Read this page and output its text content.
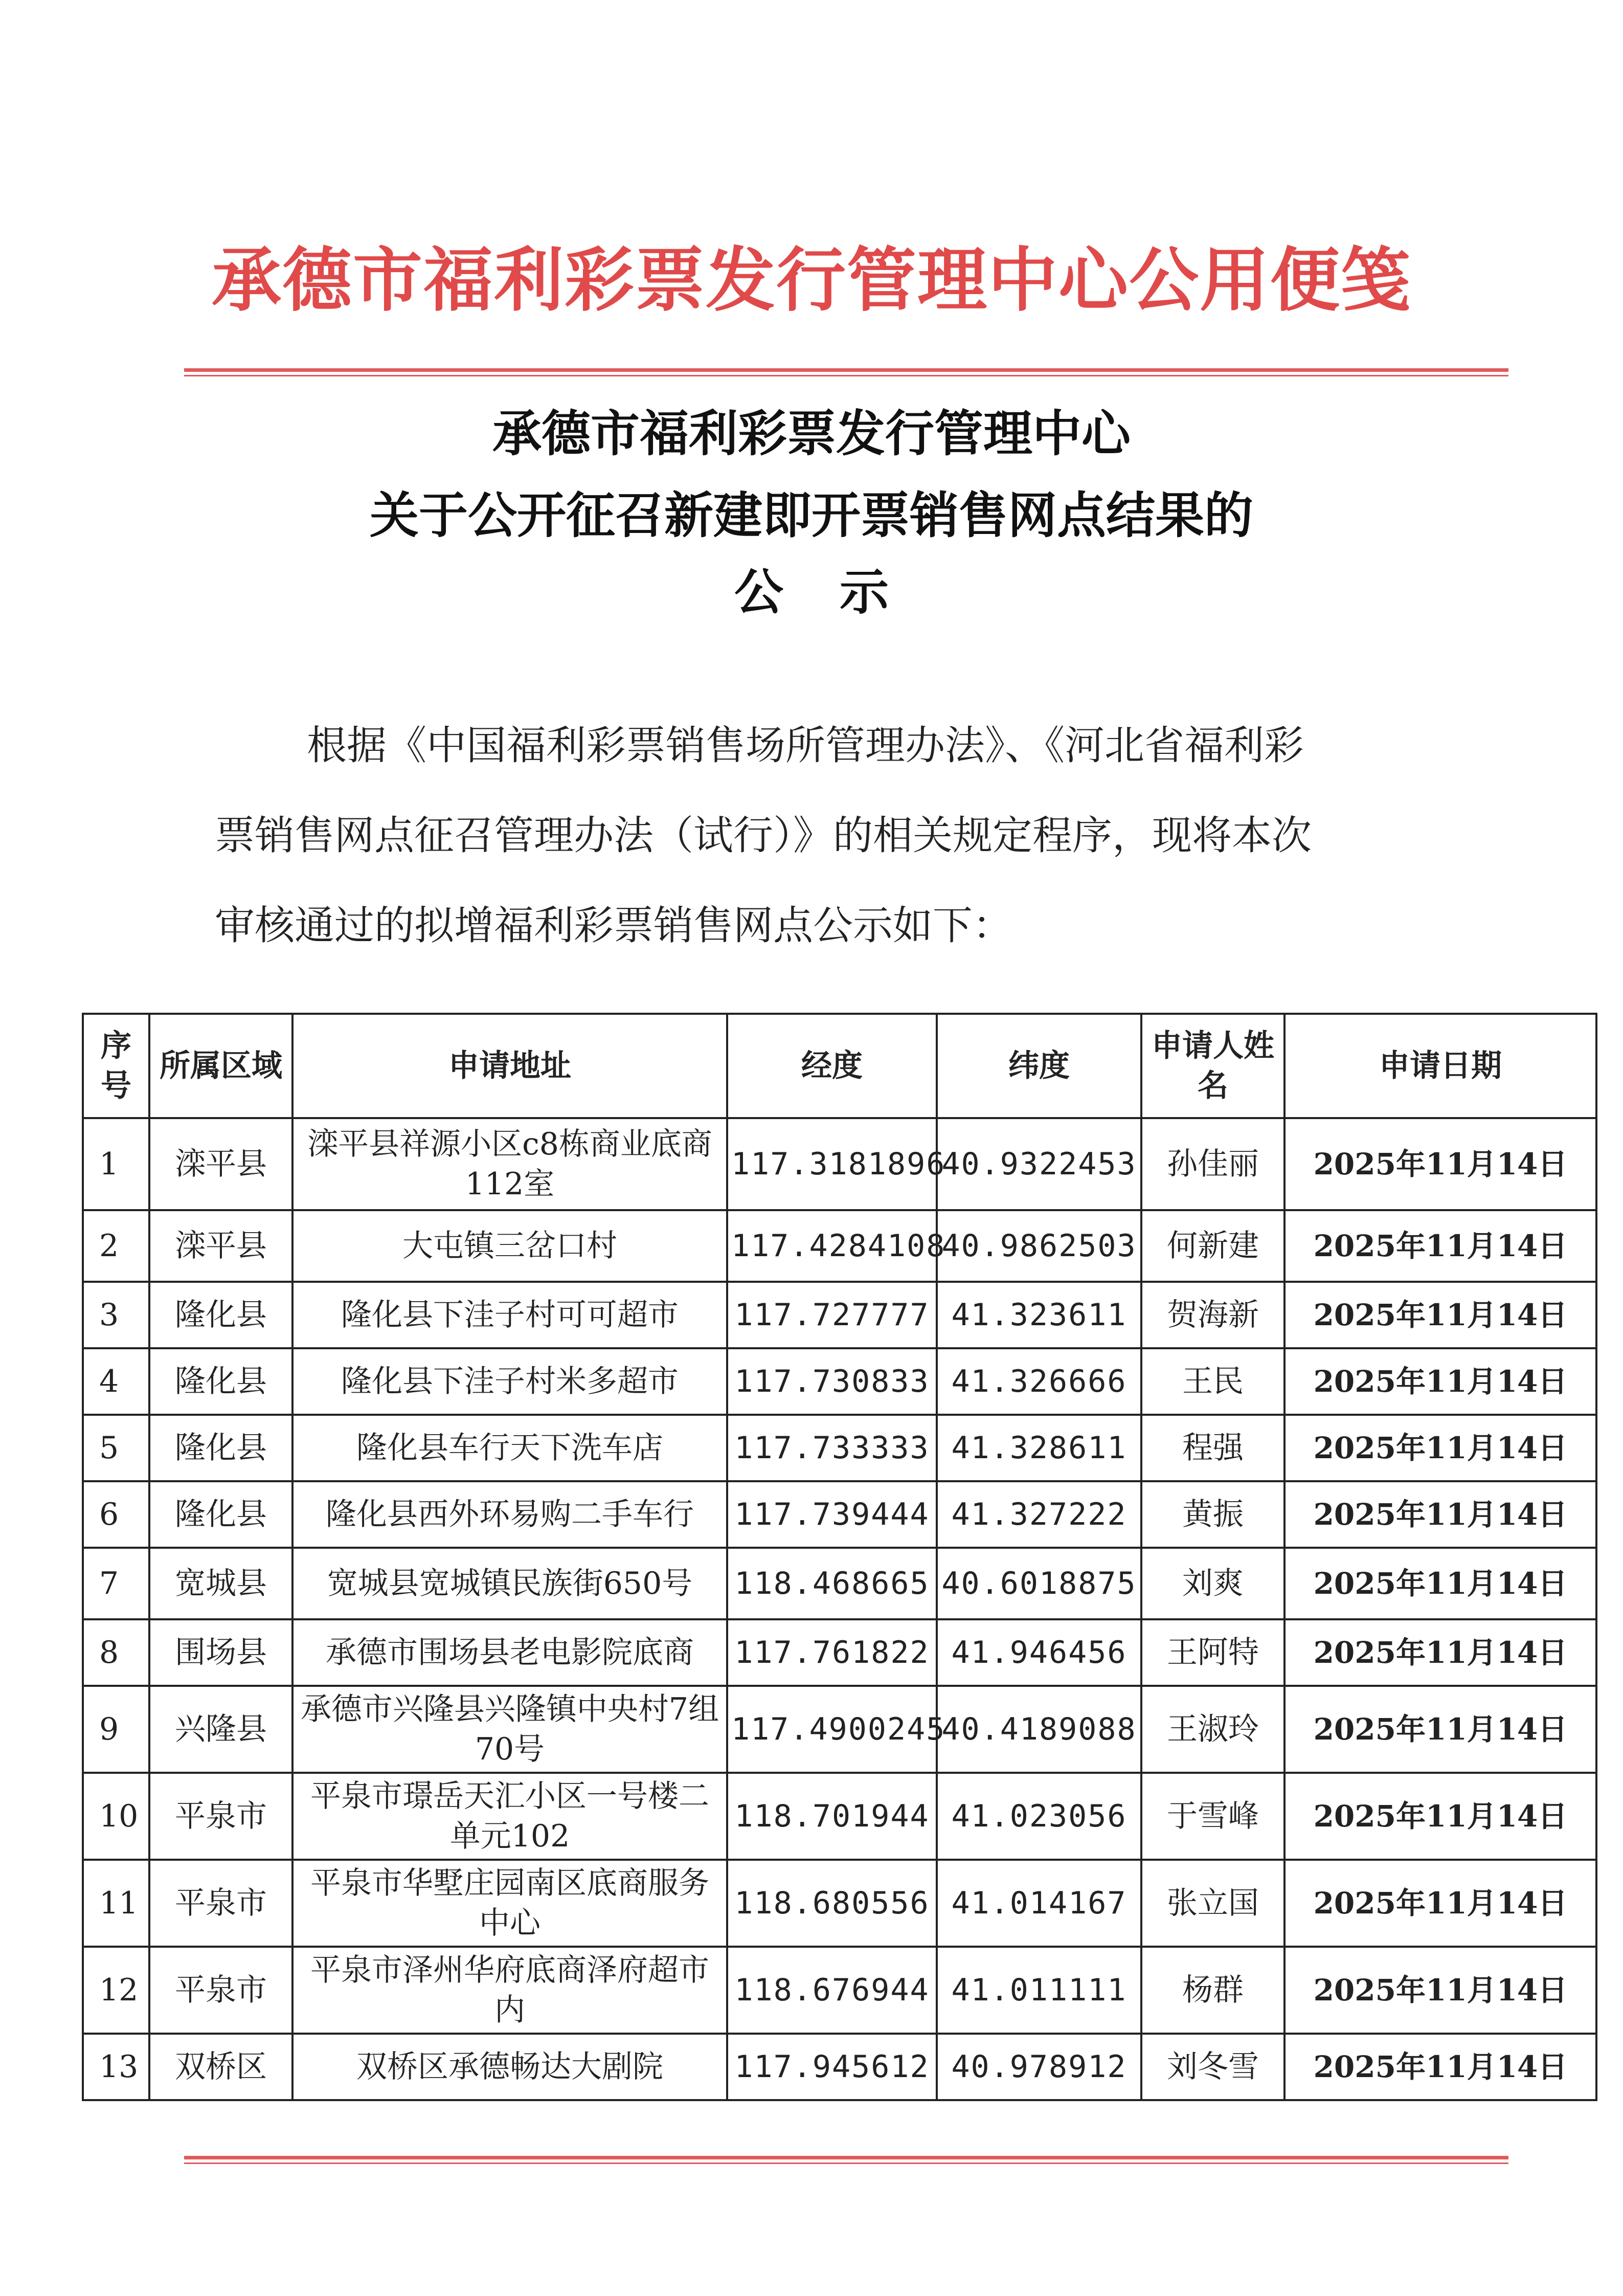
承德市福利彩票发行管理中心公用便笺
承德市福利彩票发行管理中心
关于公开征召新建即开票销售网点结果的
公示

根据《中国福利彩票销售场所管理办法》、《河北省福利彩

票销售网点征召管理办法（试行）》的相关规定程序，现将本次

审核通过的拟增福利彩票销售网点公示如下：

序号	所属区域	申请地址	经度	纬度	申请人姓名	申请日期
1	滦平县	滦平县祥源小区c8栋商业底商112室	117.3181896	40.9322453	孙佳丽	2025年11月14日
2	滦平县	大屯镇三岔口村	117.4284108	40.9862503	何新建	2025年11月14日
3	隆化县	隆化县下洼子村可可超市	117.727777	41.323611	贺海新	2025年11月14日
4	隆化县	隆化县下洼子村米多超市	117.730833	41.326666	王民	2025年11月14日
5	隆化县	隆化县车行天下洗车店	117.733333	41.328611	程强	2025年11月14日
6	隆化县	隆化县西外环易购二手车行	117.739444	41.327222	黄振	2025年11月14日
7	宽城县	宽城县宽城镇民族街650号	118.468665	40.6018875	刘爽	2025年11月14日
8	围场县	承德市围场县老电影院底商	117.761822	41.946456	王阿特	2025年11月14日
9	兴隆县	承德市兴隆县兴隆镇中央村7组70号	117.4900245	40.4189088	王淑玲	2025年11月14日
10	平泉市	平泉市璟岳天汇小区一号楼二单元102	118.701944	41.023056	于雪峰	2025年11月14日
11	平泉市	平泉市华墅庄园南区底商服务中心	118.680556	41.014167	张立国	2025年11月14日
12	平泉市	平泉市泽州华府底商泽府超市内	118.676944	41.011111	杨群	2025年11月14日
13	双桥区	双桥区承德畅达大剧院	117.945612	40.978912	刘冬雪	2025年11月14日
